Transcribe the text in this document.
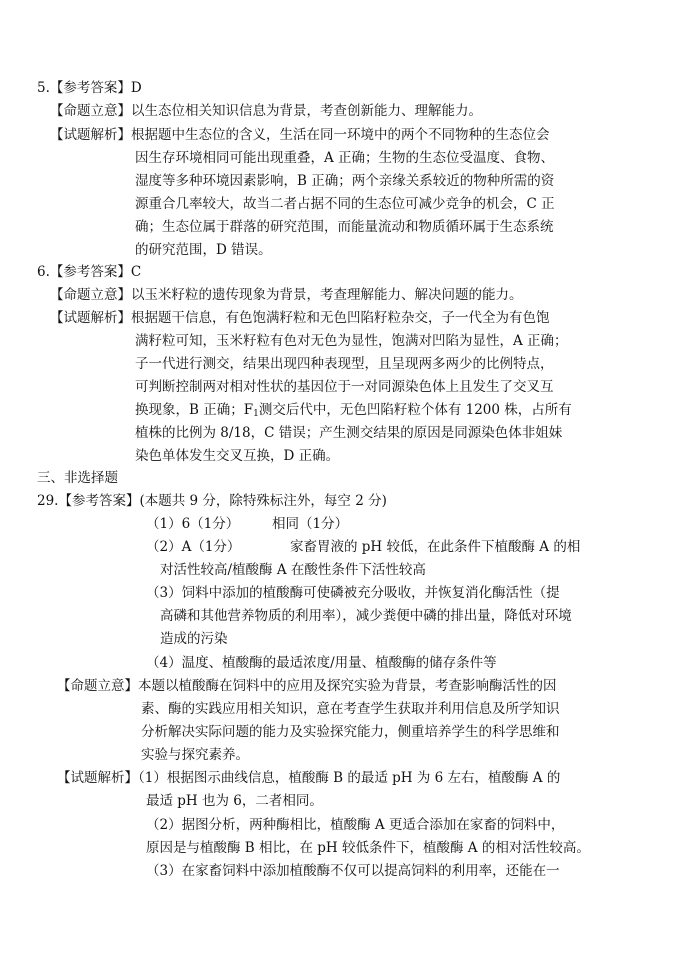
5.【参考答案】D
【命题立意】以生态位相关知识信息为背景，考查创新能力、理解能力。
【试题解析】根据题中生态位的含义，生活在同一环境中的两个不同物种的生态位会
因生存环境相同可能出现重叠，A 正确；生物的生态位受温度、食物、
湿度等多种环境因素影响，B 正确；两个亲缘关系较近的物种所需的资
源重合几率较大，故当二者占据不同的生态位可减少竞争的机会，C 正
确；生态位属于群落的研究范围，而能量流动和物质循环属于生态系统
的研究范围，D 错误。
6.【参考答案】C
【命题立意】以玉米籽粒的遗传现象为背景，考查理解能力、解决问题的能力。
【试题解析】根据题干信息，有色饱满籽粒和无色凹陷籽粒杂交，子一代全为有色饱
满籽粒可知，玉米籽粒有色对无色为显性，饱满对凹陷为显性，A 正确；
子一代进行测交，结果出现四种表现型，且呈现两多两少的比例特点，
可判断控制两对相对性状的基因位于一对同源染色体上且发生了交叉互
换现象，B 正确；$F_1$测交后代中，无色凹陷籽粒个体有 1200 株，占所有
植株的比例为 8/18，C 错误；产生测交结果的原因是同源染色体非姐妹
染色单体发生交叉互换，D 正确。
三、非选择题
29.【参考答案】(本题共 9 分，除特殊标注外，每空 2 分)
（1）6（1分） 相同（1分）
（2）A（1分）	家畜胃液的 pH 较低，在此条件下植酸酶 A 的相
对活性较高/植酸酶 A 在酸性条件下活性较高
（3）饲料中添加的植酸酶可使磷被充分吸收，并恢复消化酶活性（提
高磷和其他营养物质的利用率），减少粪便中磷的排出量，降低对环境
造成的污染
（4）温度、植酸酶的最适浓度/用量、植酸酶的储存条件等
【命题立意】本题以植酸酶在饲料中的应用及探究实验为背景，考查影响酶活性的因
素、酶的实践应用相关知识，意在考查学生获取并利用信息及所学知识
分析解决实际问题的能力及实验探究能力，侧重培养学生的科学思维和
实验与探究素养。
【试题解析】（1）根据图示曲线信息，植酸酶 B 的最适 pH 为 6 左右，植酸酶 A 的
最适 pH 也为 6，二者相同。
（2）据图分析，两种酶相比，植酸酶 A 更适合添加在家畜的饲料中，
原因是与植酸酶 B 相比，在 pH 较低条件下，植酸酶 A 的相对活性较高。
（3）在家畜饲料中添加植酸酶不仅可以提高饲料的利用率，还能在一
